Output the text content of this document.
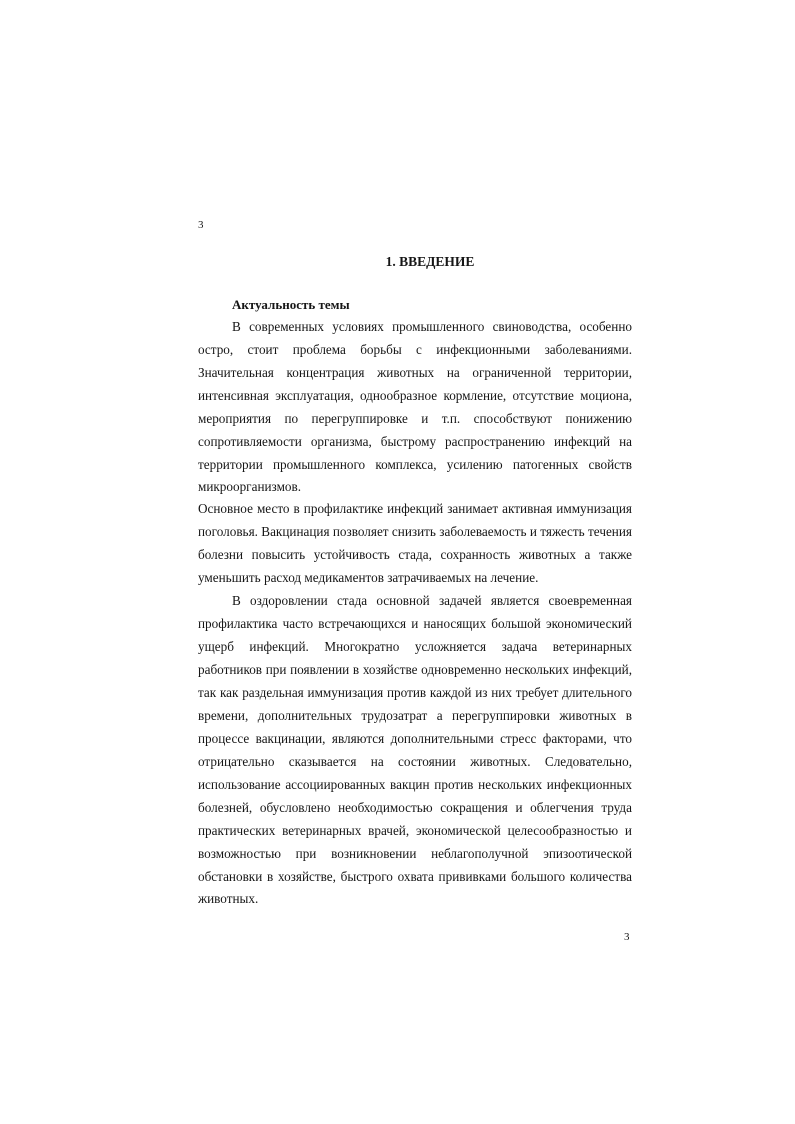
3
1. ВВЕДЕНИЕ
Актуальность темы
В современных условиях промышленного свиноводства, особенно
остро, стоит проблема борьбы с инфекционными заболеваниями.
Значительная концентрация животных на ограниченной территории,
интенсивная эксплуатация, однообразное кормление, отсутствие моциона,
мероприятия по перегруппировке и т.п. способствуют понижению
сопротивляемости организма, быстрому распространению инфекций на
территории промышленного комплекса, усилению патогенных свойств
микроорганизмов.
Основное место в профилактике инфекций занимает активная иммунизация
поголовья. Вакцинация позволяет снизить заболеваемость и тяжесть течения
болезни повысить устойчивость стада, сохранность животных а также
уменьшить расход медикаментов затрачиваемых на лечение.
В оздоровлении стада основной задачей является своевременная
профилактика часто встречающихся и наносящих большой экономический
ущерб инфекций. Многократно усложняется задача ветеринарных
работников при появлении в хозяйстве одновременно нескольких инфекций,
так как раздельная иммунизация против каждой из них требует длительного
времени, дополнительных трудозатрат а перегруппировки животных в
процессе вакцинации, являются дополнительными стресс факторами, что
отрицательно сказывается на состоянии животных. Следовательно,
использование ассоциированных вакцин против нескольких инфекционных
болезней, обусловлено необходимостью сокращения и облегчения труда
практических ветеринарных врачей, экономической целесообразностью и
возможностью при возникновении неблагополучной эпизоотической
обстановки в хозяйстве, быстрого охвата прививками большого количества
животных.
3
